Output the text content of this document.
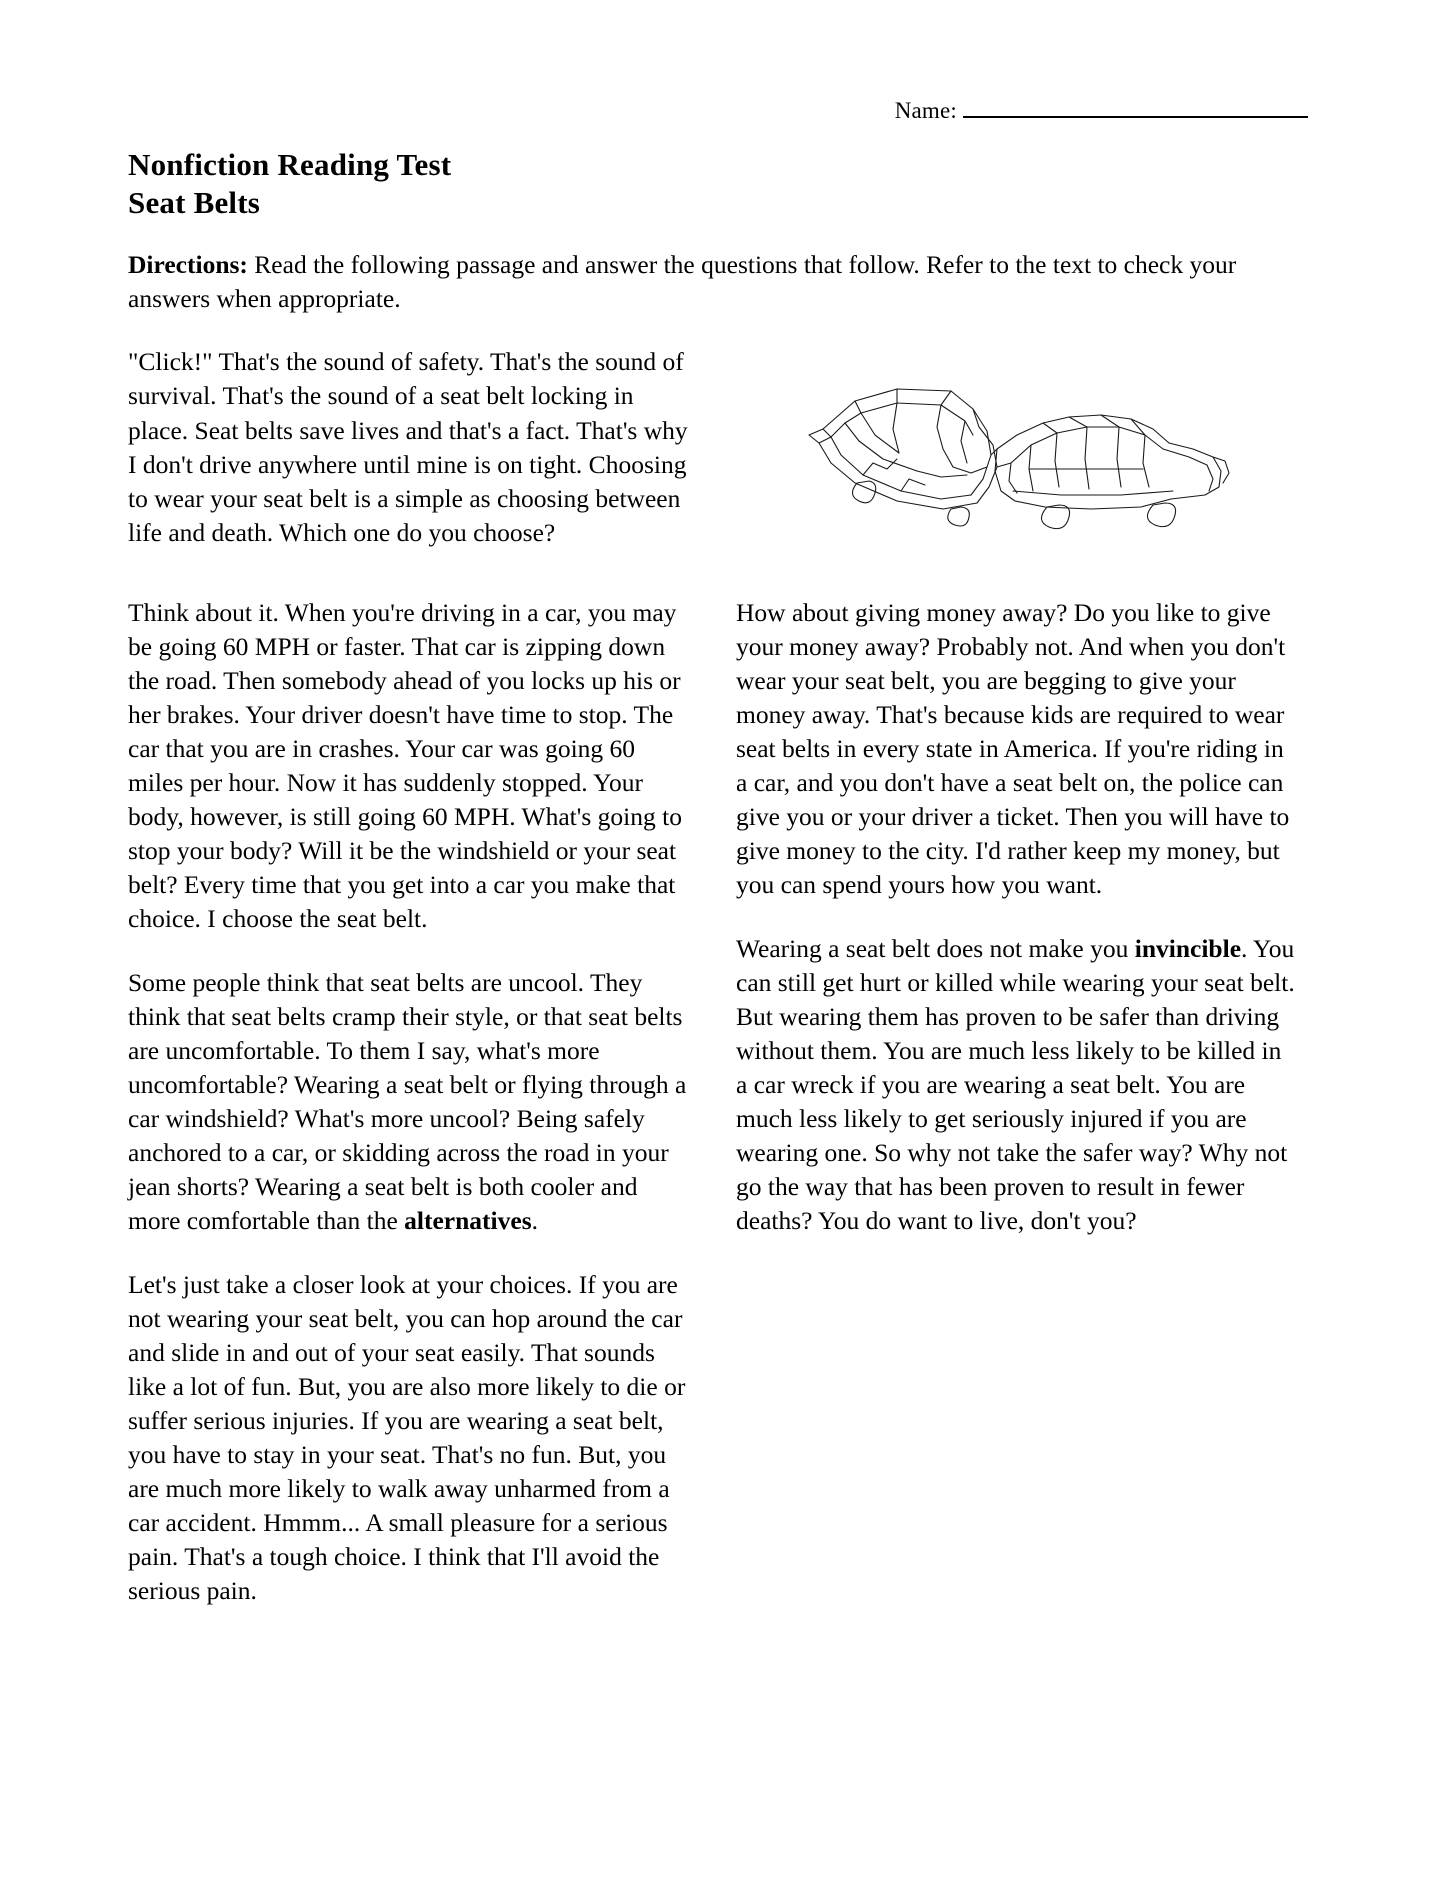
Name:
Nonfiction Reading Test
Seat Belts
Directions: Read the following passage and answer the questions that follow. Refer to the text to check your answers when appropriate.

"Click!" That's the sound of safety. That's the sound of survival. That's the sound of a seat belt locking in place. Seat belts save lives and that's a fact. That's why I don't drive anywhere until mine is on tight. Choosing to wear your seat belt is a simple as choosing between life and death. Which one do you choose?

Think about it. When you're driving in a car, you may be going 60 MPH or faster. That car is zipping down the road. Then somebody ahead of you locks up his or her brakes. Your driver doesn't have time to stop. The car that you are in crashes. Your car was going 60 miles per hour. Now it has suddenly stopped. Your body, however, is still going 60 MPH. What's going to stop your body? Will it be the windshield or your seat belt? Every time that you get into a car you make that choice. I choose the seat belt.

Some people think that seat belts are uncool. They think that seat belts cramp their style, or that seat belts are uncomfortable. To them I say, what's more uncomfortable? Wearing a seat belt or flying through a car windshield? What's more uncool? Being safely anchored to a car, or skidding across the road in your jean shorts? Wearing a seat belt is both cooler and more comfortable than the alternatives.

Let's just take a closer look at your choices. If you are not wearing your seat belt, you can hop around the car and slide in and out of your seat easily. That sounds like a lot of fun. But, you are also more likely to die or suffer serious injuries. If you are wearing a seat belt, you have to stay in your seat. That's no fun. But, you are much more likely to walk away unharmed from a car accident. Hmmm... A small pleasure for a serious pain. That's a tough choice. I think that I'll avoid the serious pain.

How about giving money away? Do you like to give your money away? Probably not. And when you don't wear your seat belt, you are begging to give your money away. That's because kids are required to wear seat belts in every state in America. If you're riding in a car, and you don't have a seat belt on, the police can give you or your driver a ticket. Then you will have to give money to the city. I'd rather keep my money, but you can spend yours how you want.

Wearing a seat belt does not make you invincible. You can still get hurt or killed while wearing your seat belt. But wearing them has proven to be safer than driving without them. You are much less likely to be killed in a car wreck if you are wearing a seat belt. You are much less likely to get seriously injured if you are wearing one. So why not take the safer way? Why not go the way that has been proven to result in fewer deaths? You do want to live, don't you?
